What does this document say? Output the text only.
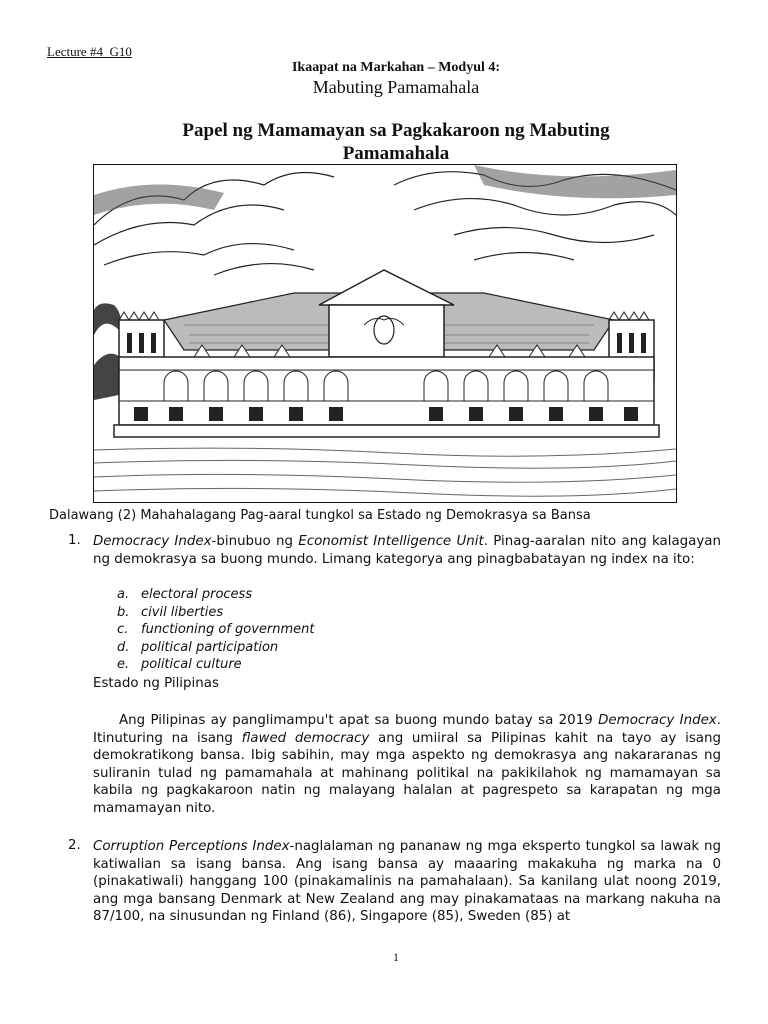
Lecture #4_G10
Ikaapat na Markahan – Modyul 4:
Mabuting Pamamahala
Papel ng Mamamayan sa Pagkakaroon ng Mabuting
Pamamahala
Dalawang (2) Mahahalagang Pag-aaral tungkol sa Estado ng Demokrasya sa Bansa
1. Democracy Index-binubuo ng Economist Intelligence Unit. Pinag-aaralan nito ang kalagayan ng demokrasya sa buong mundo. Limang kategorya ang pinagbabatayan ng index na ito:
a. electoral process
b. civil liberties
c. functioning of government
d. political participation
e. political culture
Estado ng Pilipinas
Ang Pilipinas ay panglimampu't apat sa buong mundo batay sa 2019 Democracy Index. Itinuturing na isang flawed democracy ang umiiral sa Pilipinas kahit na tayo ay isang demokratikong bansa. Ibig sabihin, may mga aspekto ng demokrasya ang nakararanas ng suliranin tulad ng pamamahala at mahinang politikal na pakikilahok ng mamamayan sa kabila ng pagkakaroon natin ng malayang halalan at pagrespeto sa karapatan ng mga mamamayan nito.
2. Corruption Perceptions Index-naglalaman ng pananaw ng mga eksperto tungkol sa lawak ng katiwalian sa isang bansa. Ang isang bansa ay maaaring makakuha ng marka na 0 (pinakatiwali) hanggang 100 (pinakamalinis na pamahalaan). Sa kanilang ulat noong 2019, ang mga bansang Denmark at New Zealand ang may pinakamataas na markang nakuha na 87/100, na sinusundan ng Finland (86), Singapore (85), Sweden (85) at
1
